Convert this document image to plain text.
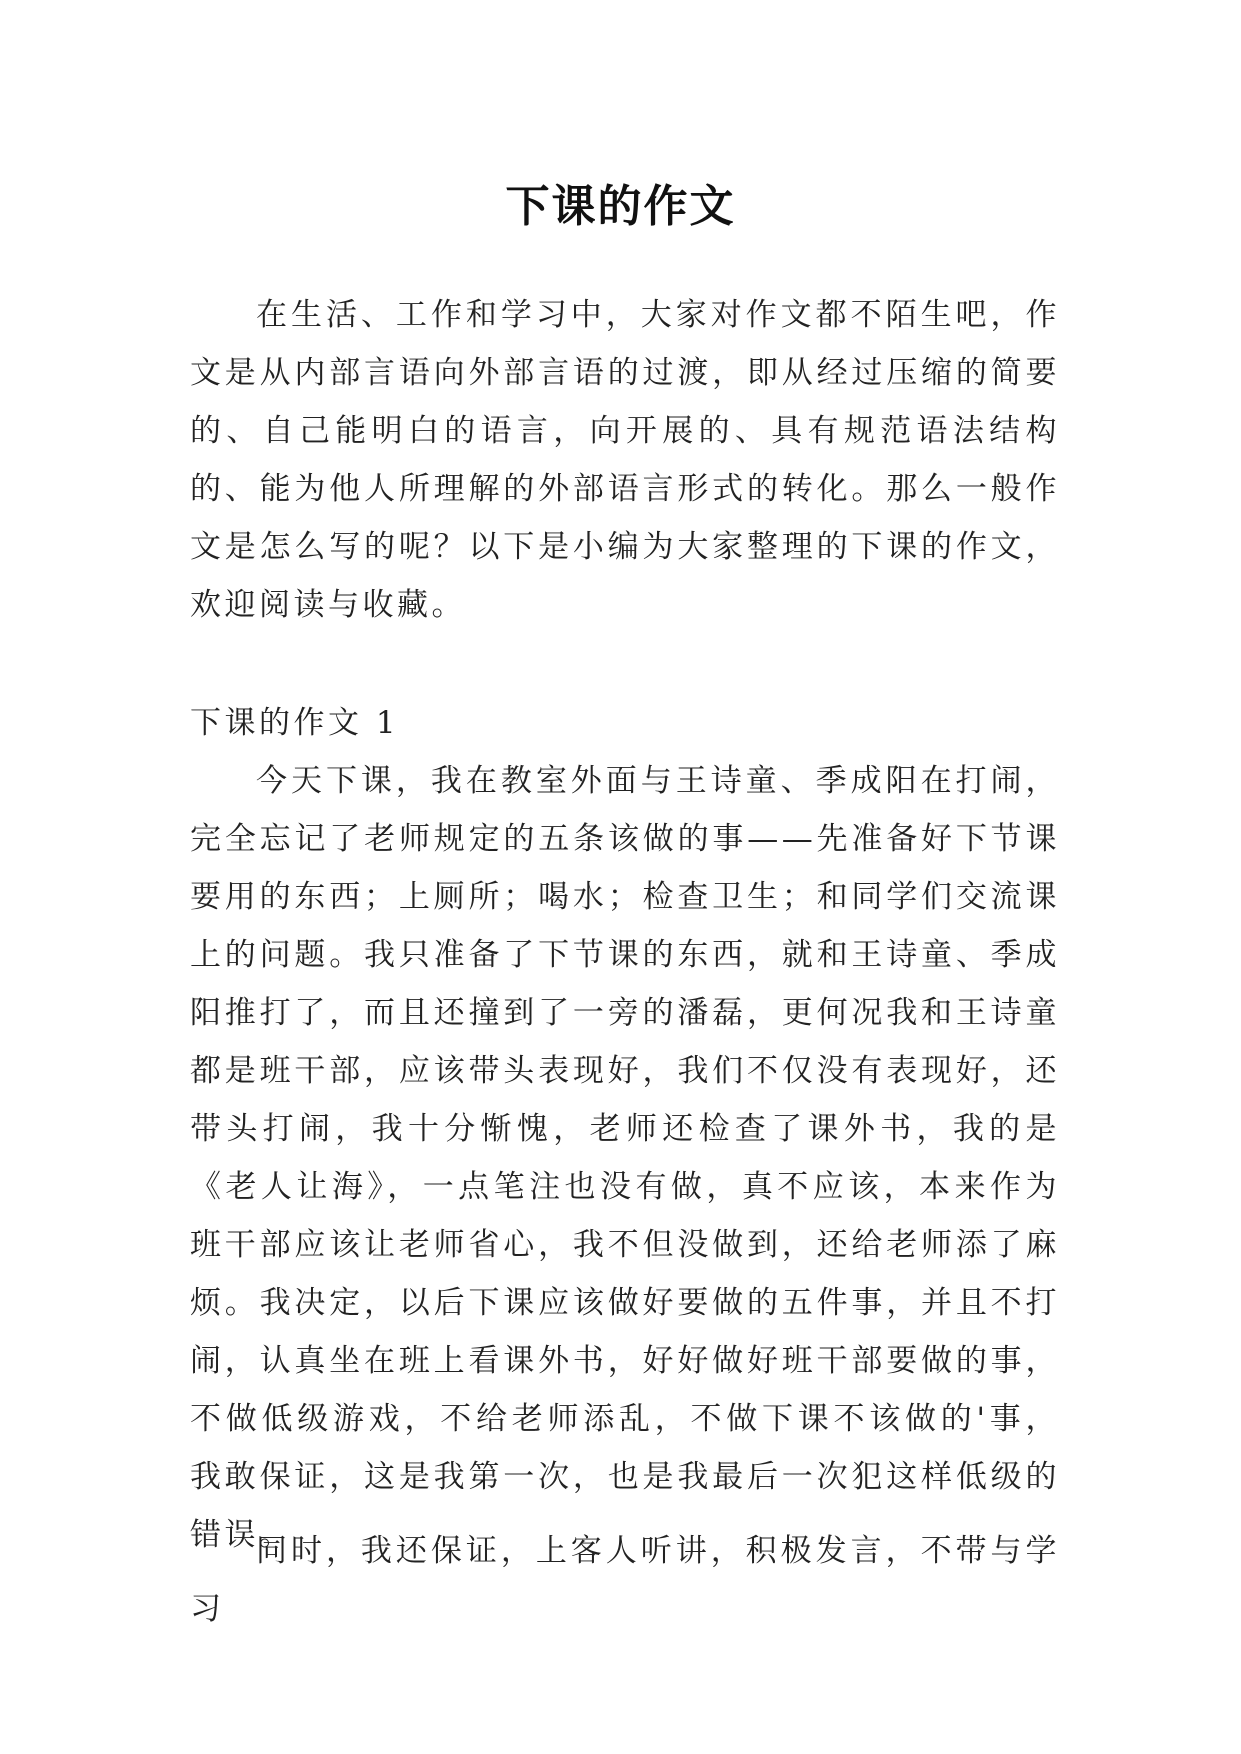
下课的作文

在生活、工作和学习中，大家对作文都不陌生吧，作文是从内部言语向外部言语的过渡，即从经过压缩的简要的、自己能明白的语言，向开展的、具有规范语法结构的、能为他人所理解的外部语言形式的转化。那么一般作文是怎么写的呢？以下是小编为大家整理的下课的作文，欢迎阅读与收藏。

下课的作文 1

今天下课，我在教室外面与王诗童、季成阳在打闹，完全忘记了老师规定的五条该做的事——先准备好下节课要用的东西；上厕所；喝水；检查卫生；和同学们交流课上的问题。我只准备了下节课的东西，就和王诗童、季成阳推打了，而且还撞到了一旁的潘磊，更何况我和王诗童都是班干部，应该带头表现好，我们不仅没有表现好，还带头打闹，我十分惭愧，老师还检查了课外书，我的是《老人让海》，一点笔注也没有做，真不应该，本来作为班干部应该让老师省心，我不但没做到，还给老师添了麻烦。我决定，以后下课应该做好要做的五件事，并且不打闹，认真坐在班上看课外书，好好做好班干部要做的事，不做低级游戏，不给老师添乱，不做下课不该做的'事，我敢保证，这是我第一次，也是我最后一次犯这样低级的错误。

同时，我还保证，上客人听讲，积极发言，不带与学习
